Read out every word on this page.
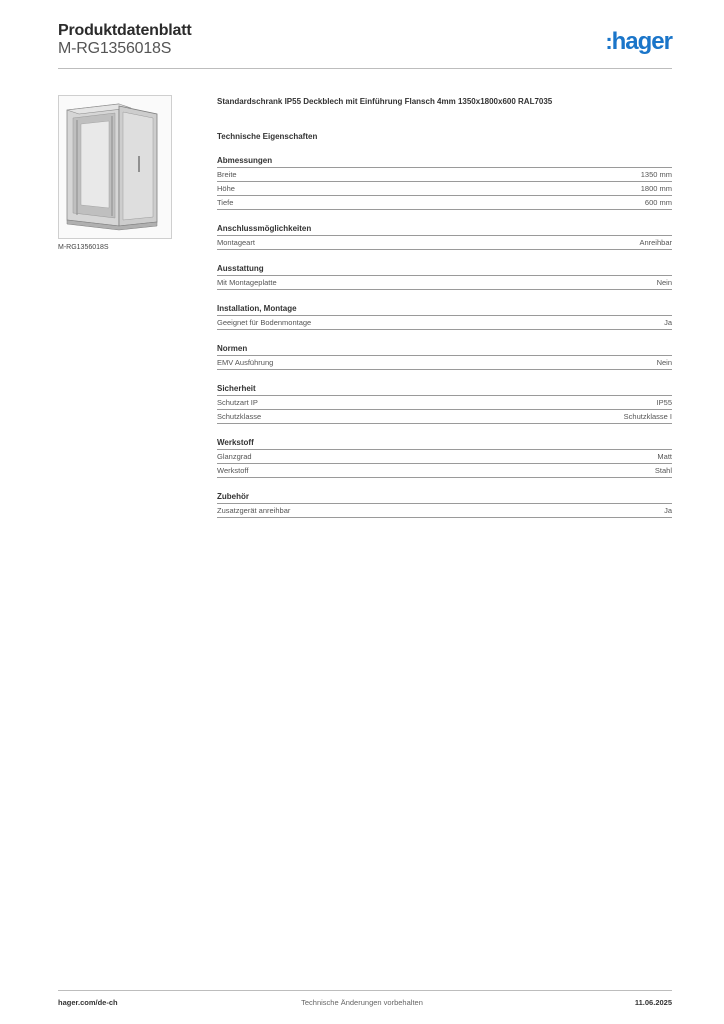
Produktdatenblatt
M-RG1356018S	:hager
M-RG1356018S
Standardschrank IP55 Deckblech mit Einführung Flansch 4mm 1350x1800x600 RAL7035
Technische Eigenschaften
Abmessungen
Breite	1350 mm
Höhe	1800 mm
Tiefe	600 mm
Anschlussmöglichkeiten
Montageart	Anreihbar
Ausstattung
Mit Montageplatte	Nein
Installation, Montage
Geeignet für Bodenmontage	Ja
Normen
EMV Ausführung	Nein
Sicherheit
Schutzart IP	IP55
Schutzklasse	Schutzklasse I
Werkstoff
Glanzgrad	Matt
Werkstoff	Stahl
Zubehör
Zusatzgerät anreihbar	Ja
hager.com/de-ch	Technische Änderungen vorbehalten	11.06.2025
